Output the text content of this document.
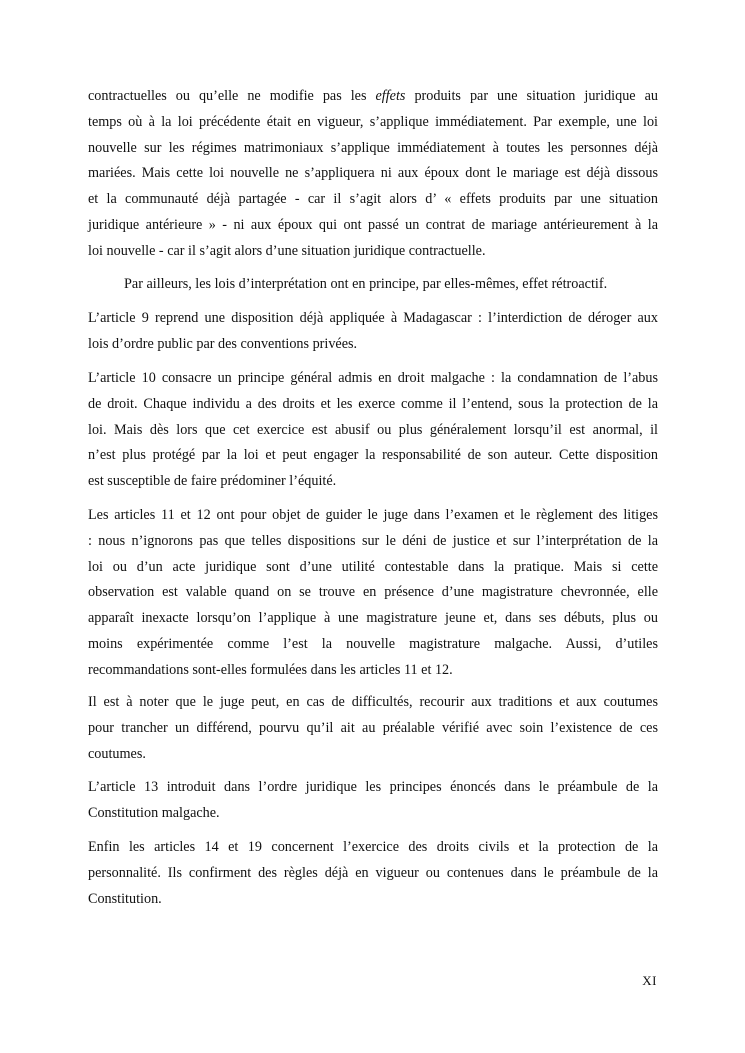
contractuelles ou qu’elle ne modifie pas les effets produits par une situation juridique au
temps où à la loi précédente était en vigueur, s’applique immédiatement. Par exemple, une loi
nouvelle sur les régimes matrimoniaux s’applique immédiatement à toutes les personnes déjà
mariées. Mais cette loi nouvelle ne s’appliquera ni aux époux dont le mariage est déjà dissous
et la communauté déjà partagée - car il s’agit alors d’ « effets produits par une situation
juridique antérieure » - ni aux époux qui ont passé un contrat de mariage antérieurement à la
loi nouvelle - car il s’agit alors d’une situation juridique contractuelle.
Par ailleurs, les lois d’interprétation ont en principe, par elles-mêmes, effet rétroactif.
L’article 9 reprend une disposition déjà appliquée à Madagascar : l’interdiction de déroger aux
lois d’ordre public par des conventions privées.
L’article 10 consacre un principe général admis en droit malgache : la condamnation de l’abus
de droit. Chaque individu a des droits et les exerce comme il l’entend, sous la protection de la
loi. Mais dès lors que cet exercice est abusif ou plus généralement lorsqu’il est anormal, il
n’est plus protégé par la loi et peut engager la responsabilité de son auteur. Cette disposition
est susceptible de faire prédominer l’équité.
Les articles 11 et 12 ont pour objet de guider le juge dans l’examen et le règlement des litiges
: nous n’ignorons pas que telles dispositions sur le déni de justice et sur l’interprétation de la
loi ou d’un acte juridique sont d’une utilité contestable dans la pratique. Mais si cette
observation est valable quand on se trouve en présence d’une magistrature chevronnée, elle
apparaît inexacte lorsqu’on l’applique à une magistrature jeune et, dans ses débuts, plus ou
moins expérimentée comme l’est la nouvelle magistrature malgache. Aussi, d’utiles
recommandations sont-elles formulées dans les articles 11 et 12.
Il est à noter que le juge peut, en cas de difficultés, recourir aux traditions et aux coutumes
pour trancher un différend, pourvu qu’il ait au préalable vérifié avec soin l’existence de ces
coutumes.
L’article 13 introduit dans l’ordre juridique les principes énoncés dans le préambule de la
Constitution malgache.
Enfin les articles 14 et 19 concernent l’exercice des droits civils et la protection de la
personnalité. Ils confirment des règles déjà en vigueur ou contenues dans le préambule de la
Constitution.
XI
